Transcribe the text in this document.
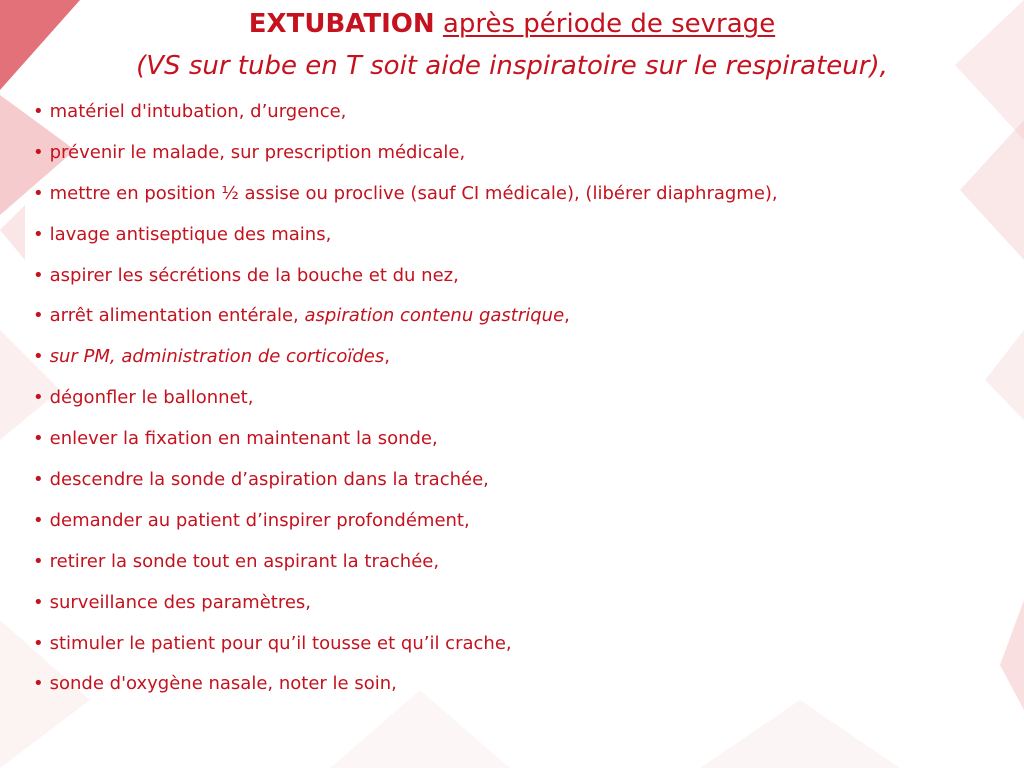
EXTUBATION après période de sevrage
(VS sur tube en T soit aide inspiratoire sur le respirateur),
• matériel d'intubation, d’urgence,
• prévenir le malade, sur prescription médicale,
• mettre en position ½ assise ou proclive (sauf CI médicale), (libérer diaphragme),
• lavage antiseptique des mains,
• aspirer les sécrétions de la bouche et du nez,
• arrêt alimentation entérale, aspiration contenu gastrique,
• sur PM, administration de corticoïdes,
• dégonfler le ballonnet,
• enlever la fixation en maintenant la sonde,
• descendre la sonde d’aspiration dans la trachée,
• demander au patient d’inspirer profondément,
• retirer la sonde tout en aspirant la trachée,
• surveillance des paramètres,
• stimuler le patient pour qu’il tousse et qu’il crache,
• sonde d'oxygène nasale, noter le soin,
